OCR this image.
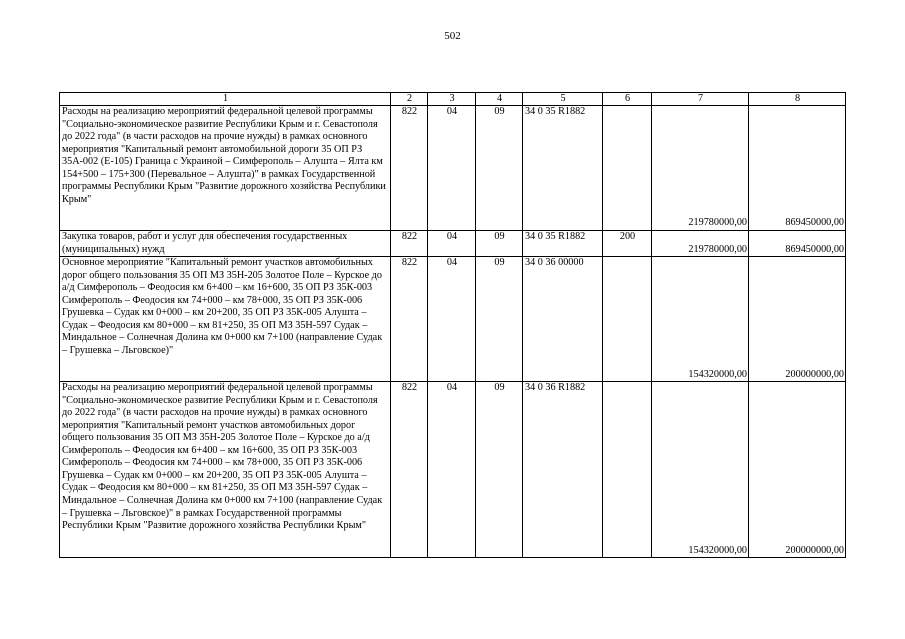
502
1	2	3	4	5	6	7	8
Расходы на реализацию мероприятий федеральной целевой программы "Социально-экономическое развитие Республики Крым и г. Севастополя до 2022 года" (в части расходов на прочие нужды) в рамках основного мероприятия "Капитальный ремонт автомобильной дороги 35 ОП РЗ 35А-002 (Е-105) Граница с Украиной – Симферополь – Алушта – Ялта км 154+500 – 175+300 (Перевальное – Алушта)" в рамках Государственной программы Республики Крым "Развитие дорожного хозяйства Республики Крым"	822	04	09	34 0 35 R1882		219780000,00	869450000,00
Закупка товаров, работ и услуг для обеспечения государственных (муниципальных) нужд	822	04	09	34 0 35 R1882	200	219780000,00	869450000,00
Основное мероприятие "Капитальный ремонт участков автомобильных дорог общего пользования 35 ОП МЗ 35Н-205 Золотое Поле – Курское до а/д Симферополь – Феодосия км 6+400 – км 16+600, 35 ОП РЗ 35К-003 Симферополь – Феодосия км 74+000 – км 78+000, 35 ОП РЗ 35К-006 Грушевка – Судак км 0+000 – км 20+200, 35 ОП РЗ 35К-005 Алушта – Судак – Феодосия км 80+000 – км 81+250, 35 ОП МЗ 35Н-597 Судак – Миндальное – Солнечная Долина км 0+000 км 7+100 (направление Судак – Грушевка – Льговское)"	822	04	09	34 0 36 00000		154320000,00	200000000,00
Расходы на реализацию мероприятий федеральной целевой программы "Социально-экономическое развитие Республики Крым и г. Севастополя до 2022 года" (в части расходов на прочие нужды) в рамках основного мероприятия "Капитальный ремонт участков автомобильных дорог общего пользования 35 ОП МЗ 35Н-205 Золотое Поле – Курское до а/д Симферополь – Феодосия км 6+400 – км 16+600, 35 ОП РЗ 35К-003 Симферополь – Феодосия км 74+000 – км 78+000, 35 ОП РЗ 35К-006 Грушевка – Судак км 0+000 – км 20+200, 35 ОП РЗ 35К-005 Алушта – Судак – Феодосия км 80+000 – км 81+250, 35 ОП МЗ 35Н-597 Судак – Миндальное – Солнечная Долина км 0+000 км 7+100 (направление Судак – Грушевка – Льговское)" в рамках Государственной программы Республики Крым "Развитие дорожного хозяйства Республики Крым"	822	04	09	34 0 36 R1882		154320000,00	200000000,00
